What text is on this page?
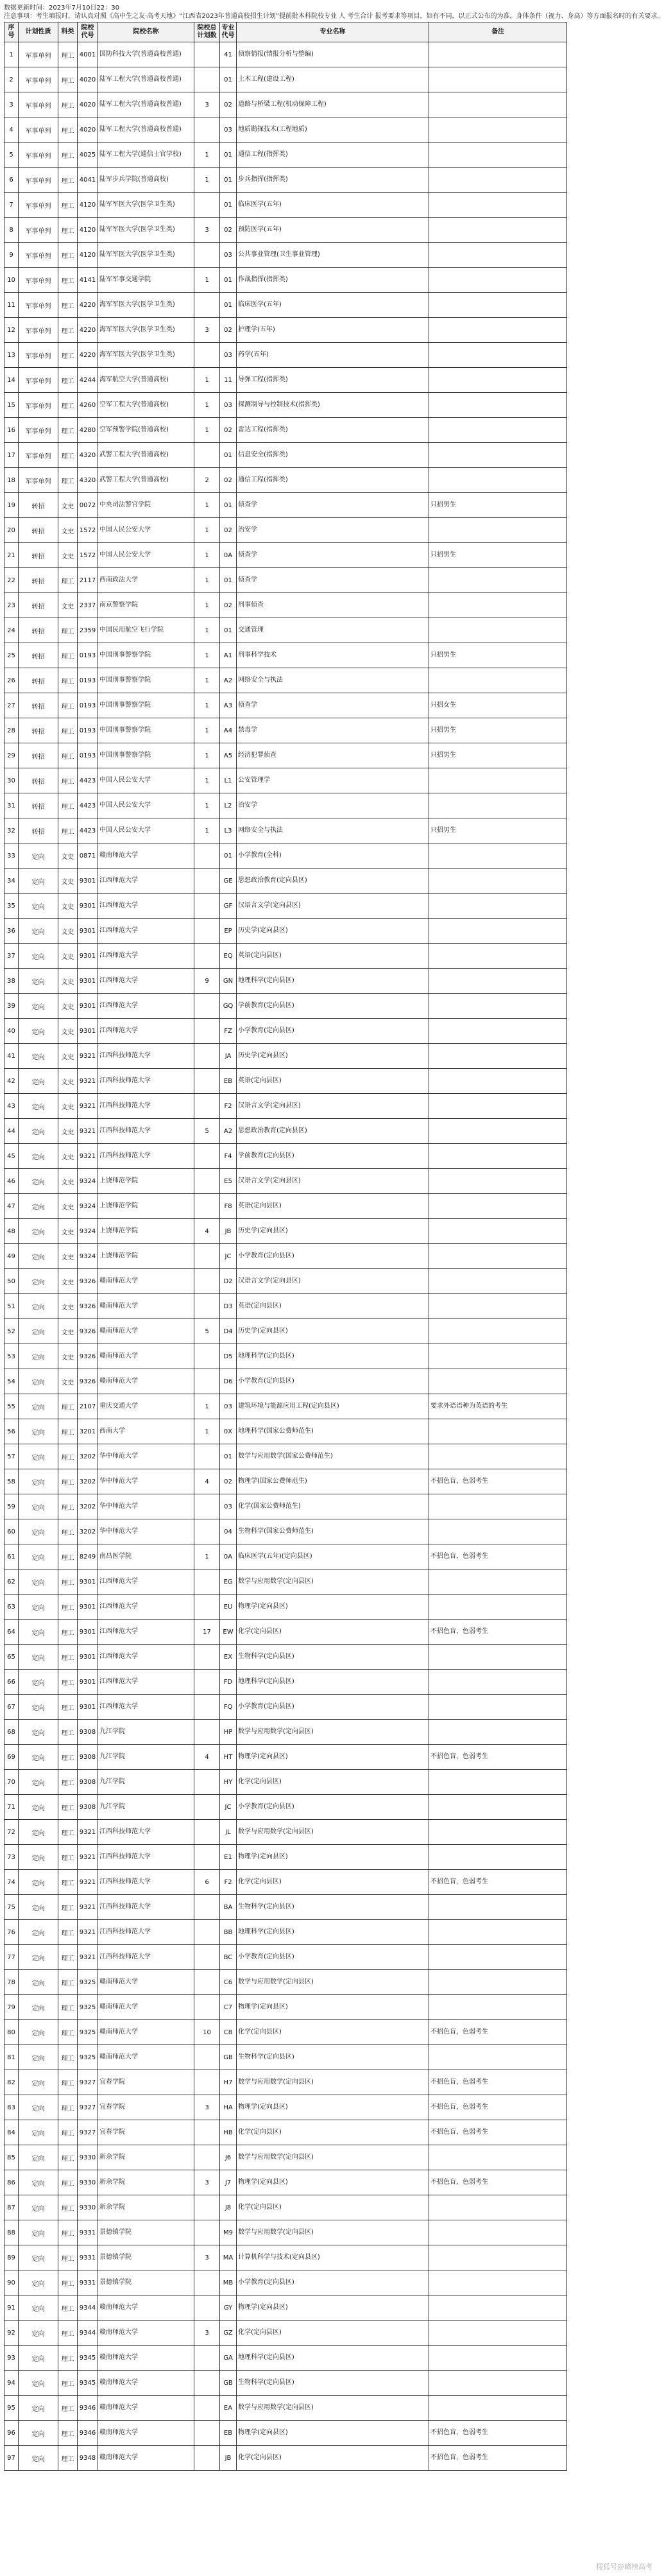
数据更新时间：2023年7月10日22：30
注意事项：考生填报时，请认真对照《高中生之友·高考天地》“江西省2023年普通高校招生计划”提前批本科院校专业 人 考生合计 报考要求等项目，如有不同，以正式公布的为准，身体条件（视力、身高）等方面报名时的有关要求。
序号	计划性质	科类	院校代号	院校名称	院校总计划数	专业代号	专业名称	备注
1	军事单列	理工	4001	国防科技大学(普通高校普通)		41	侦察情报(情报分析与整编)	
2	军事单列	理工	4020	陆军工程大学(普通高校普通)		01	土木工程(建设工程)	
3	军事单列	理工	4020	陆军工程大学(普通高校普通)	3	02	道路与桥梁工程(机动保障工程)	
4	军事单列	理工	4020	陆军工程大学(普通高校普通)		03	地质勘探技术(工程地质)	
5	军事单列	理工	4025	陆军工程大学(通信士官学校)	1	01	通信工程(指挥类)	
6	军事单列	理工	4041	陆军步兵学院(普通高校)	1	01	步兵指挥(指挥类)	
7	军事单列	理工	4120	陆军军医大学(医学卫生类)		01	临床医学(五年)	
8	军事单列	理工	4120	陆军军医大学(医学卫生类)	3	02	预防医学(五年)	
9	军事单列	理工	4120	陆军军医大学(医学卫生类)		03	公共事业管理(卫生事业管理)	
10	军事单列	理工	4141	陆军军事交通学院	1	01	作战指挥(指挥类)	
11	军事单列	理工	4220	海军军医大学(医学卫生类)		01	临床医学(五年)	
12	军事单列	理工	4220	海军军医大学(医学卫生类)	3	02	护理学(五年)	
13	军事单列	理工	4220	海军军医大学(医学卫生类)		03	药学(五年)	
14	军事单列	理工	4244	海军航空大学(普通高校)	1	11	导弹工程(指挥类)	
15	军事单列	理工	4260	空军工程大学(普通高校)	1	03	探测制导与控制技术(指挥类)	
16	军事单列	理工	4280	空军预警学院(普通高校)	1	02	雷达工程(指挥类)	
17	军事单列	理工	4320	武警工程大学(普通高校)		01	信息安全(指挥类)	
18	军事单列	理工	4320	武警工程大学(普通高校)	2	02	通信工程(指挥类)	
19	转招	文史	0072	中央司法警官学院	1	01	侦查学	只招男生
20	转招	文史	1572	中国人民公安大学	1	02	治安学	
21	转招	文史	1572	中国人民公安大学	1	0A	侦查学	只招男生
22	转招	理工	2117	西南政法大学	1	01	侦查学	
23	转招	文史	2337	南京警察学院	1	02	刑事侦查	
24	转招	理工	2359	中国民用航空飞行学院	1	01	交通管理	
25	转招	理工	0193	中国刑事警察学院	1	A1	刑事科学技术	只招男生
26	转招	理工	0193	中国刑事警察学院	1	A2	网络安全与执法	
27	转招	理工	0193	中国刑事警察学院	1	A3	侦查学	只招女生
28	转招	理工	0193	中国刑事警察学院	1	A4	禁毒学	只招男生
29	转招	理工	0193	中国刑事警察学院	1	A5	经济犯罪侦查	只招男生
30	转招	理工	4423	中国人民公安大学	1	L1	公安管理学	
31	转招	理工	4423	中国人民公安大学	1	L2	治安学	
32	转招	理工	4423	中国人民公安大学	1	L3	网络安全与执法	只招男生
33	定向	文史	0871	赣南师范大学		01	小学教育(全科)	
34	定向	文史	9301	江西师范大学		GE	思想政治教育(定向县区)	
35	定向	文史	9301	江西师范大学		GF	汉语言文学(定向县区)	
36	定向	文史	9301	江西师范大学		EP	历史学(定向县区)	
37	定向	文史	9301	江西师范大学		EQ	英语(定向县区)	
38	定向	文史	9301	江西师范大学	9	GN	地理科学(定向县区)	
39	定向	文史	9301	江西师范大学		GQ	学前教育(定向县区)	
40	定向	文史	9301	江西师范大学		FZ	小学教育(定向县区)	
41	定向	文史	9321	江西科技师范大学		JA	历史学(定向县区)	
42	定向	文史	9321	江西科技师范大学		EB	英语(定向县区)	
43	定向	文史	9321	江西科技师范大学		F2	汉语言文学(定向县区)	
44	定向	文史	9321	江西科技师范大学	5	A2	思想政治教育(定向县区)	
45	定向	文史	9321	江西科技师范大学		F4	学前教育(定向县区)	
46	定向	文史	9324	上饶师范学院		E5	汉语言文学(定向县区)	
47	定向	文史	9324	上饶师范学院		F8	英语(定向县区)	
48	定向	文史	9324	上饶师范学院	4	JB	历史学(定向县区)	
49	定向	文史	9324	上饶师范学院		JC	小学教育(定向县区)	
50	定向	文史	9326	赣南师范大学		D2	汉语言文学(定向县区)	
51	定向	文史	9326	赣南师范大学		D3	英语(定向县区)	
52	定向	文史	9326	赣南师范大学	5	D4	历史学(定向县区)	
53	定向	文史	9326	赣南师范大学		D5	地理科学(定向县区)	
54	定向	文史	9326	赣南师范大学		D6	小学教育(定向县区)	
55	定向	理工	2107	重庆交通大学	1	03	建筑环境与能源应用工程(定向县区)	要求外语语种为英语的考生
56	定向	理工	3201	西南大学	1	0X	地理科学(国家公费师范生)	
57	定向	理工	3202	华中师范大学		01	数学与应用数学(国家公费师范生)	
58	定向	理工	3202	华中师范大学	4	02	物理学(国家公费师范生)	不招色盲，色弱考生
59	定向	理工	3202	华中师范大学		03	化学(国家公费师范生)	
60	定向	理工	3202	华中师范大学		04	生物科学(国家公费师范生)	
61	定向	理工	8249	南昌医学院	1	0A	临床医学(五年)(定向县区)	不招色盲，色弱考生
62	定向	理工	9301	江西师范大学		EG	数学与应用数学(定向县区)	
63	定向	理工	9301	江西师范大学		EU	物理学(定向县区)	
64	定向	理工	9301	江西师范大学	17	EW	化学(定向县区)	不招色盲，色弱考生
65	定向	理工	9301	江西师范大学		EX	生物科学(定向县区)	
66	定向	理工	9301	江西师范大学		FD	地理科学(定向县区)	
67	定向	理工	9301	江西师范大学		FQ	小学教育(定向县区)	
68	定向	理工	9308	九江学院		HP	数学与应用数学(定向县区)	
69	定向	理工	9308	九江学院	4	HT	物理学(定向县区)	不招色盲，色弱考生
70	定向	理工	9308	九江学院		HY	化学(定向县区)	
71	定向	理工	9308	九江学院		JC	小学教育(定向县区)	
72	定向	理工	9321	江西科技师范大学		JL	数学与应用数学(定向县区)	
73	定向	理工	9321	江西科技师范大学		E1	物理学(定向县区)	
74	定向	理工	9321	江西科技师范大学	6	F2	化学(定向县区)	不招色盲，色弱考生
75	定向	理工	9321	江西科技师范大学		BA	生物科学(定向县区)	
76	定向	理工	9321	江西科技师范大学		BB	地理科学(定向县区)	
77	定向	理工	9321	江西科技师范大学		BC	小学教育(定向县区)	
78	定向	理工	9325	赣南师范大学		C6	数学与应用数学(定向县区)	
79	定向	理工	9325	赣南师范大学		C7	物理学(定向县区)	
80	定向	理工	9325	赣南师范大学	10	C8	化学(定向县区)	不招色盲，色弱考生
81	定向	理工	9325	赣南师范大学		GB	生物科学(定向县区)	
82	定向	理工	9327	宜春学院		H7	数学与应用数学(定向县区)	不招色盲，色弱考生
83	定向	理工	9327	宜春学院	3	HA	物理学(定向县区)	不招色盲，色弱考生
84	定向	理工	9327	宜春学院		HB	化学(定向县区)	不招色盲，色弱考生
85	定向	理工	9330	新余学院		J6	数学与应用数学(定向县区)	
86	定向	理工	9330	新余学院	3	J7	物理学(定向县区)	不招色盲，色弱考生
87	定向	理工	9330	新余学院		J8	化学(定向县区)	
88	定向	理工	9331	景德镇学院		M9	数学与应用数学(定向县区)	
89	定向	理工	9331	景德镇学院	3	MA	计算机科学与技术(定向县区)	
90	定向	理工	9331	景德镇学院		MB	小学教育(定向县区)	
91	定向	理工	9344	赣南师范大学		GY	物理学(定向县区)	
92	定向	理工	9344	赣南师范大学	3	GZ	化学(定向县区)	
93	定向	理工	9345	赣南师范大学		GA	地理科学(定向县区)	
94	定向	理工	9345	赣南师范大学		GB	生物科学(定向县区)	
95	定向	理工	9346	赣南师范大学		EA	数学与应用数学(定向县区)	
96	定向	理工	9346	赣南师范大学		EB	物理学(定向县区)	不招色盲，色弱考生
97	定向	理工	9348	赣南师范大学		JB	化学(定向县区)	不招色盲，色弱考生
搜狐号@赣榜高考
